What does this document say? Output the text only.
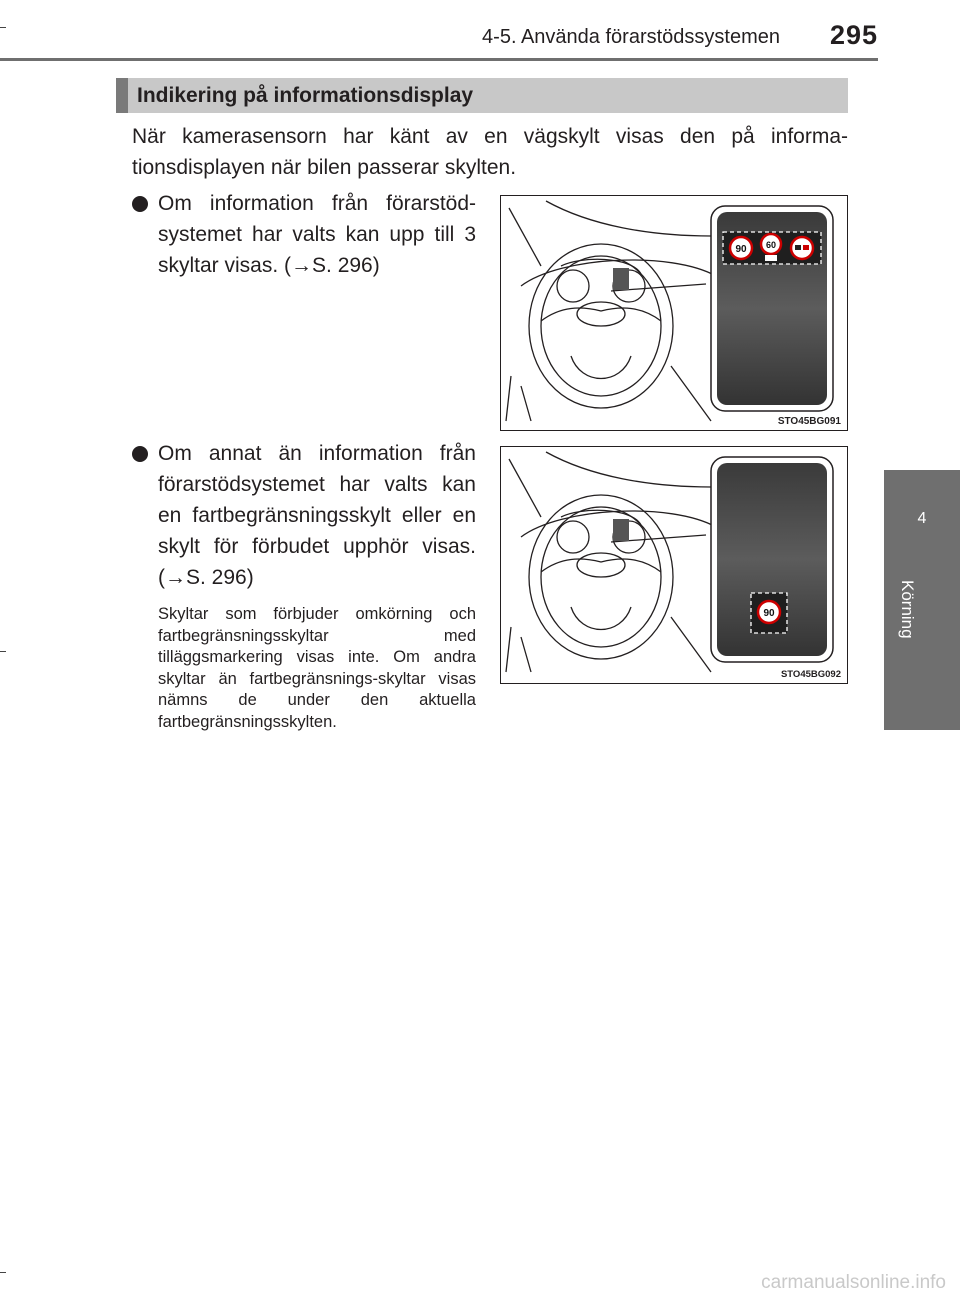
4-5. Använda förarstödssystemen 295
4
Körning
Indikering på informationsdisplay
När kamerasensorn har känt av en vägskylt visas den på informa-tionsdisplayen när bilen passerar skylten.
Om information från förarstöd-systemet har valts kan upp till 3 skyltar visas. (→S. 296)
Om annat än information från förarstödsystemet har valts kan en fartbegränsningsskylt eller en skylt för förbudet upphör visas. (→S. 296)
Skyltar som förbjuder omkörning och fartbegränsningsskyltar med tilläggsmarkering visas inte. Om andra skyltar än fartbegränsnings-skyltar visas nämns de under den aktuella fartbegränsningsskylten.
90 60
STO45BG091
90
STO45BG092
carmanualsonline.info
